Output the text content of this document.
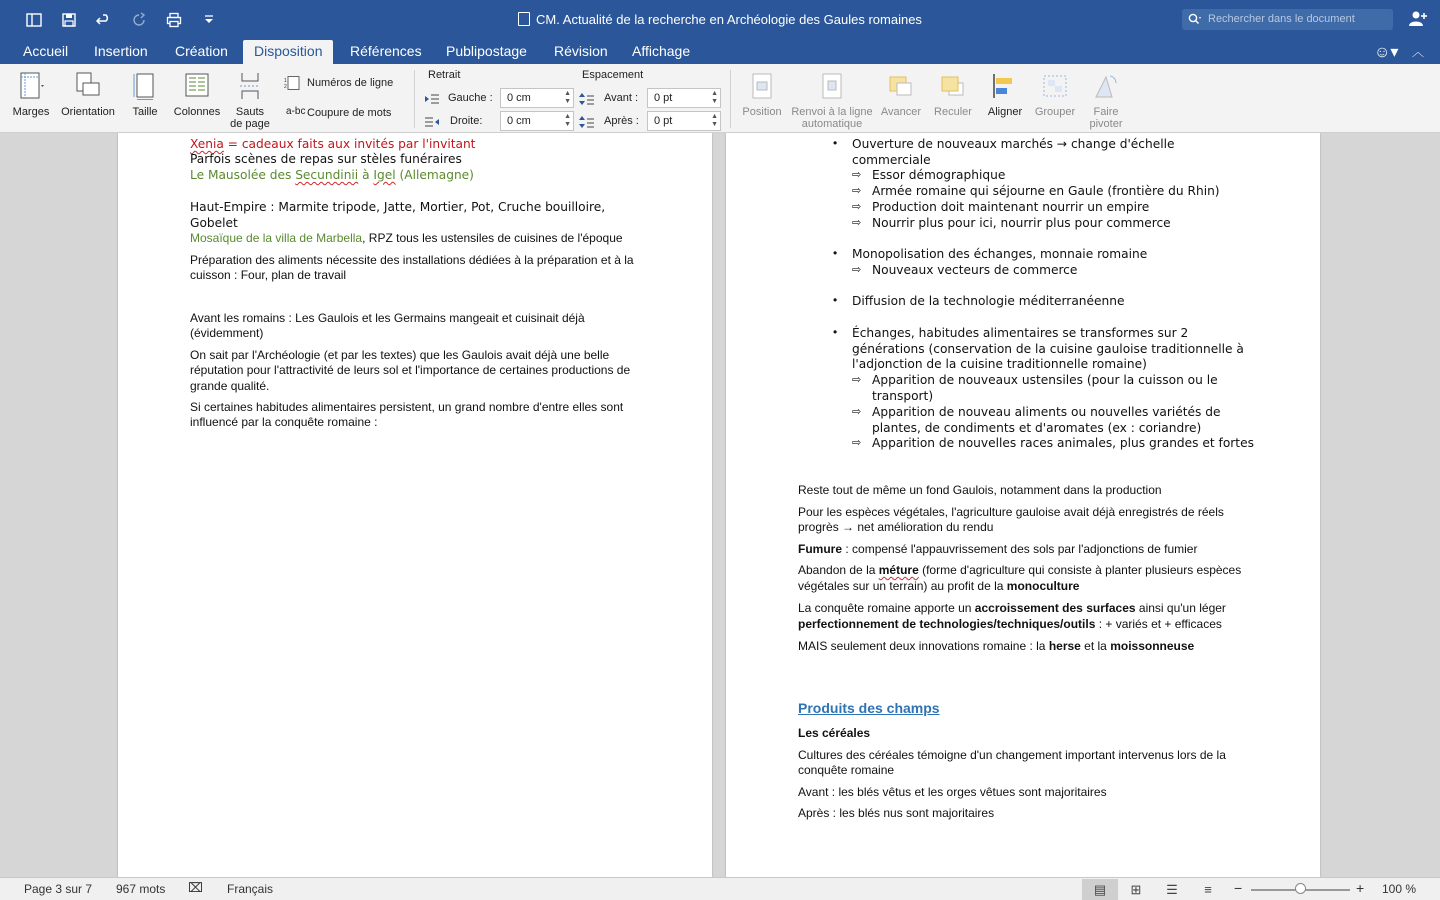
CM. Actualité de la recherche en Archéologie des Gaules romaines	Rechercher dans le document
Accueil	Insertion	Création	Disposition	Références	Publipostage	Révision	Affichage	☺▾ ︿
Marges Orientation	Taille	Colonnes	Sauts
de page
1
2 Numéros de ligne
a-bc Coupure de mots
Retrait
Gauche :	0 cm	▲
▼
Droite:	0 cm	▲
▼
Espacement
Avant :	0 pt	▲
▼
Après :	0 pt	▲
▼
Position Renvoi à la ligne
automatique
Avancer	Reculer	Aligner	Grouper	Faire
pivoter
Xenia = cadeaux faits aux invités par l'invitant
Parfois scènes de repas sur stèles funéraires
Le Mausolée des Secundinii à Igel (Allemagne)
Haut-Empire : Marmite tripode, Jatte, Mortier, Pot, Cruche bouilloire,
Gobelet
Mosaïque de la villa de Marbella, RPZ tous les ustensiles de cuisines de l'époque
Préparation des aliments nécessite des installations dédiées à la préparation et à la
cuisson : Four, plan de travail
Avant les romains : Les Gaulois et les Germains mangeait et cuisinait déjà
(évidemment)
On sait par l'Archéologie (et par les textes) que les Gaulois avait déjà une belle
réputation pour l'attractivité de leurs sol et l'importance de certaines productions de
grande qualité.
Si certaines habitudes alimentaires persistent, un grand nombre d'entre elles sont
influencé par la conquête romaine :
• Ouverture de nouveaux marchés → change d'échelle
commerciale
⇨ Essor démographique
⇨ Armée romaine qui séjourne en Gaule (frontière du Rhin)
⇨ Production doit maintenant nourrir un empire
⇨ Nourrir plus pour ici, nourrir plus pour commerce
• Monopolisation des échanges, monnaie romaine
⇨ Nouveaux vecteurs de commerce
• Diffusion de la technologie méditerranéenne
• Échanges, habitudes alimentaires se transformes sur 2
générations (conservation de la cuisine gauloise traditionnelle à
l'adjonction de la cuisine traditionnelle romaine)
⇨ Apparition de nouveaux ustensiles (pour la cuisson ou le
transport)
⇨ Apparition de nouveau aliments ou nouvelles variétés de
plantes, de condiments et d'aromates (ex : coriandre)
⇨ Apparition de nouvelles races animales, plus grandes et fortes
Reste tout de même un fond Gaulois, notamment dans la production
Pour les espèces végétales, l'agriculture gauloise avait déjà enregistrés de réels
progrès → net amélioration du rendu
Fumure : compensé l'appauvrissement des sols par l'adjonctions de fumier
Abandon de la méture (forme d'agriculture qui consiste à planter plusieurs espèces
végétales sur un terrain) au profit de la monoculture
La conquête romaine apporte un accroissement des surfaces ainsi qu'un léger
perfectionnement de technologies/techniques/outils : + variés et + efficaces
MAIS seulement deux innovations romaine : la herse et la moissonneuse
Produits des champs
Les céréales
Cultures des céréales témoigne d'un changement important intervenus lors de la
conquête romaine
Avant : les blés vêtus et les orges vêtues sont majoritaires
Après : les blés nus sont majoritaires
Page 3 sur 7 967 mots ⌧ Français	▤	⊞	☰	≡	−	+ 100 %
